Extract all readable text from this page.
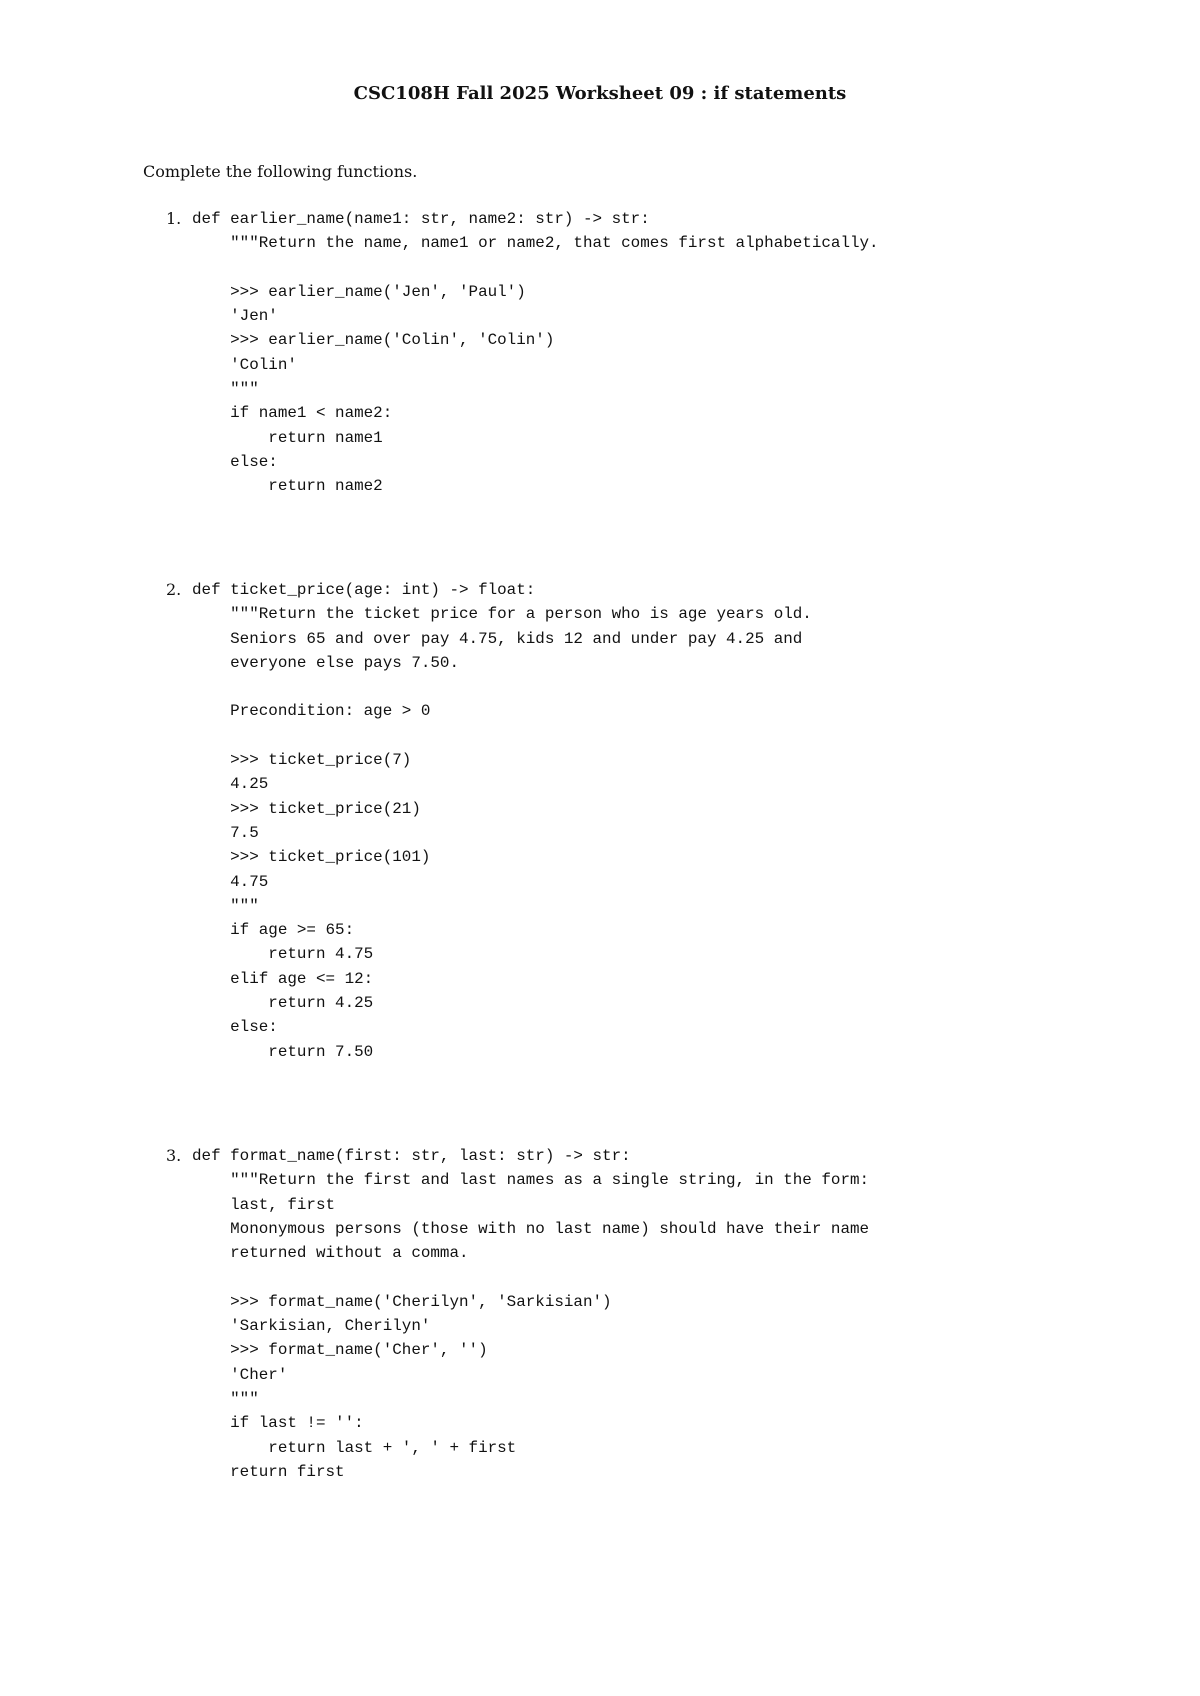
CSC108H Fall 2025 Worksheet 09 : if statements
Complete the following functions.
1. def earlier_name(name1: str, name2: str) -> str:
"""Return the name, name1 or name2, that comes first alphabetically.
>>> earlier_name('Jen', 'Paul')
'Jen'
>>> earlier_name('Colin', 'Colin')
'Colin'
"""
if name1 < name2:
return name1
else:
return name2
2. def ticket_price(age: int) -> float:
"""Return the ticket price for a person who is age years old.
Seniors 65 and over pay 4.75, kids 12 and under pay 4.25 and
everyone else pays 7.50.
Precondition: age > 0
>>> ticket_price(7)
4.25
>>> ticket_price(21)
7.5
>>> ticket_price(101)
4.75
"""
if age >= 65:
return 4.75
elif age <= 12:
return 4.25
else:
return 7.50
3. def format_name(first: str, last: str) -> str:
"""Return the first and last names as a single string, in the form:
last, first
Mononymous persons (those with no last name) should have their name
returned without a comma.
>>> format_name('Cherilyn', 'Sarkisian')
'Sarkisian, Cherilyn'
>>> format_name('Cher', '')
'Cher'
"""
if last != '':
return last + ', ' + first
return first
